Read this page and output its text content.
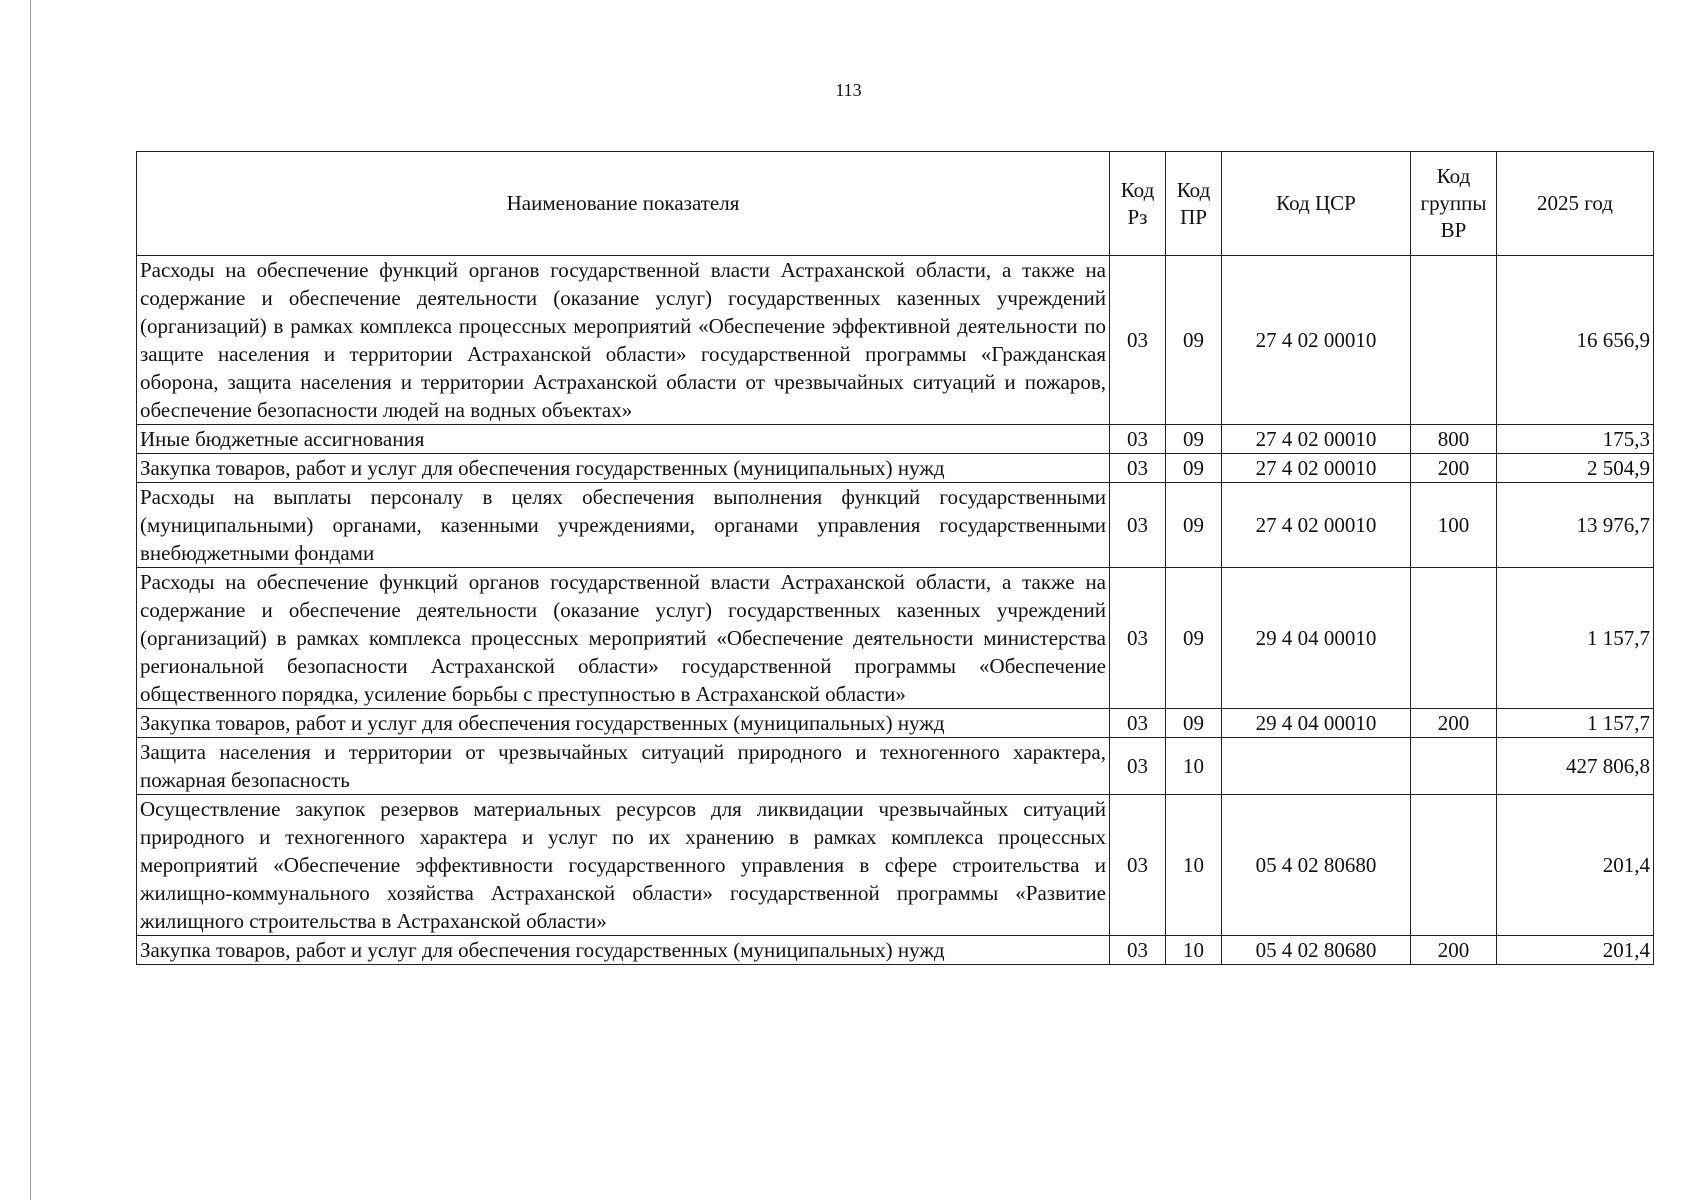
113
Наименование показателя	Код Рз	Код ПР	Код ЦСР	Код группы ВР	2025 год
Расходы на обеспечение функций органов государственной власти Астраханской области, а также на содержание и обеспечение деятельности (оказание услуг) государственных казенных учреждений (организаций) в рамках комплекса процессных мероприятий «Обеспечение эффективной деятельности по защите населения и территории Астраханской области» государственной программы «Гражданская оборона, защита населения и территории Астраханской области от чрезвычайных ситуаций и пожаров, обеспечение безопасности людей на водных объектах»	03	09	27 4 02 00010		16 656,9
Иные бюджетные ассигнования	03	09	27 4 02 00010	800	175,3
Закупка товаров, работ и услуг для обеспечения государственных (муниципальных) нужд	03	09	27 4 02 00010	200	2 504,9
Расходы на выплаты персоналу в целях обеспечения выполнения функций государственными (муниципальными) органами, казенными учреждениями, органами управления государственными внебюджетными фондами	03	09	27 4 02 00010	100	13 976,7
Расходы на обеспечение функций органов государственной власти Астраханской области, а также на содержание и обеспечение деятельности (оказание услуг) государственных казенных учреждений (организаций) в рамках комплекса процессных мероприятий «Обеспечение деятельности министерства региональной безопасности Астраханской области» государственной программы «Обеспечение общественного порядка, усиление борьбы с преступностью в Астраханской области»	03	09	29 4 04 00010		1 157,7
Закупка товаров, работ и услуг для обеспечения государственных (муниципальных) нужд	03	09	29 4 04 00010	200	1 157,7
Защита населения и территории от чрезвычайных ситуаций природного и техногенного характера, пожарная безопасность	03	10			427 806,8
Осуществление закупок резервов материальных ресурсов для ликвидации чрезвычайных ситуаций природного и техногенного характера и услуг по их хранению в рамках комплекса процессных мероприятий «Обеспечение эффективности государственного управления в сфере строительства и жилищно-коммунального хозяйства Астраханской области» государственной программы «Развитие жилищного строительства в Астраханской области»	03	10	05 4 02 80680		201,4
Закупка товаров, работ и услуг для обеспечения государственных (муниципальных) нужд	03	10	05 4 02 80680	200	201,4
